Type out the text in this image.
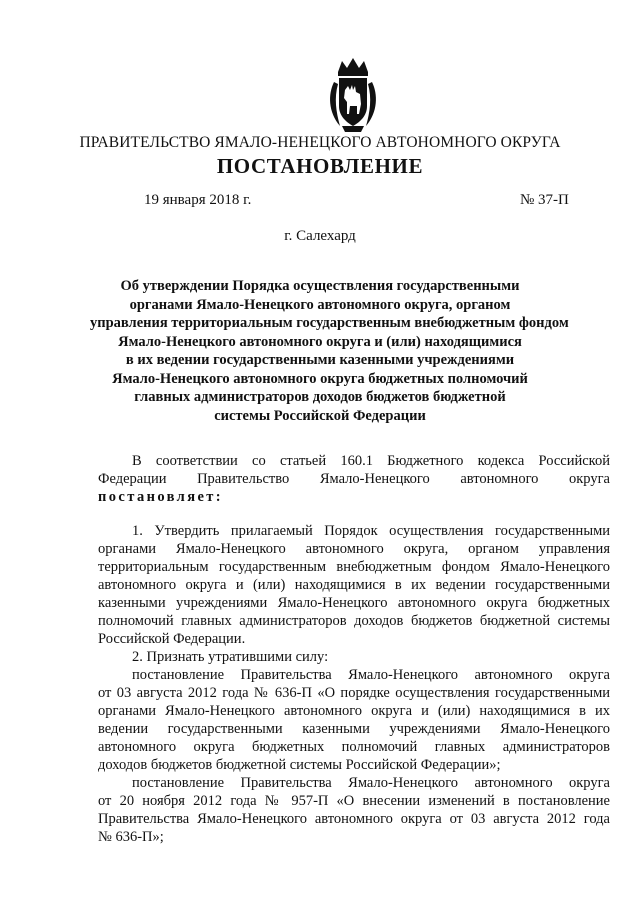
ПРАВИТЕЛЬСТВО ЯМАЛО-НЕНЕЦКОГО АВТОНОМНОГО ОКРУГА
ПОСТАНОВЛЕНИЕ
19 января 2018 г.	№ 37-П
г. Салехард
Об утверждении Порядка осуществления государственными
органами Ямало-Ненецкого автономного округа, органом
управления территориальным государственным внебюджетным фондом
Ямало-Ненецкого автономного округа и (или) находящимися
в их ведении государственными казенными учреждениями
Ямало-Ненецкого автономного округа бюджетных полномочий
главных администраторов доходов бюджетов бюджетной
системы Российской Федерации
В соответствии со статьей 160.1 Бюджетного кодекса Российской
Федерации Правительство Ямало-Ненецкого автономного округа
постановляет:
1. Утвердить прилагаемый Порядок осуществления государственными
органами Ямало-Ненецкого автономного округа, органом управления
территориальным государственным внебюджетным фондом Ямало-Ненецкого
автономного округа и (или) находящимися в их ведении государственными
казенными учреждениями Ямало-Ненецкого автономного округа бюджетных
полномочий главных администраторов доходов бюджетов бюджетной системы
Российской Федерации.
2. Признать утратившими силу:
постановление Правительства Ямало-Ненецкого автономного округа
от 03 августа 2012 года № 636-П «О порядке осуществления государственными
органами Ямало-Ненецкого автономного округа и (или) находящимися в их
ведении государственными казенными учреждениями Ямало-Ненецкого
автономного округа бюджетных полномочий главных администраторов
доходов бюджетов бюджетной системы Российской Федерации»;
постановление Правительства Ямало-Ненецкого автономного округа
от 20 ноября 2012 года № 957-П «О внесении изменений в постановление
Правительства Ямало-Ненецкого автономного округа от 03 августа 2012 года
№ 636-П»;
